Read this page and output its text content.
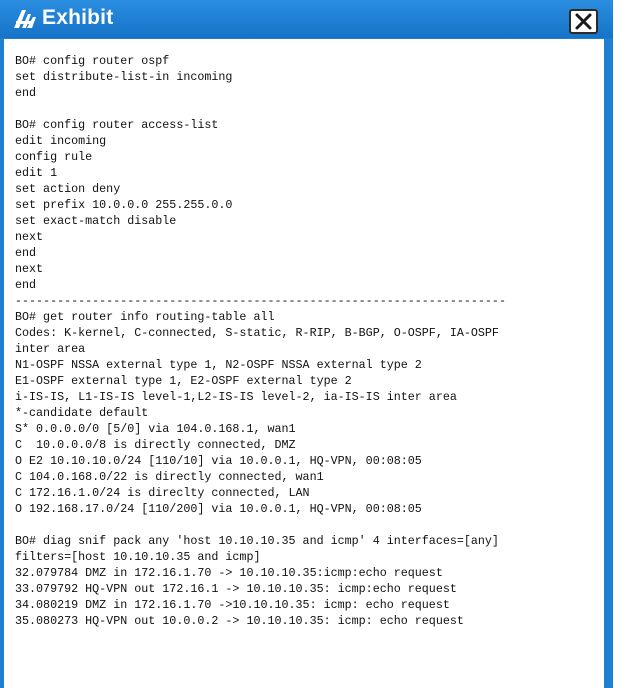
Exhibit
BO# config router ospf
set distribute-list-in incoming
end
BO# config router access-list
edit incoming
config rule
edit 1
set action deny
set prefix 10.0.0.0 255.255.0.0
set exact-match disable
next
end
next
end
----------------------------------------------------------------------
BO# get router info routing-table all
Codes: K-kernel, C-connected, S-static, R-RIP, B-BGP, O-OSPF, IA-OSPF
inter area
N1-OSPF NSSA external type 1, N2-OSPF NSSA external type 2
E1-OSPF external type 1, E2-OSPF external type 2
i-IS-IS, L1-IS-IS level-1,L2-IS-IS level-2, ia-IS-IS inter area
*-candidate default
S* 0.0.0.0/0 [5/0] via 104.0.168.1, wan1
C  10.0.0.0/8 is directly connected, DMZ
O E2 10.10.10.0/24 [110/10] via 10.0.0.1, HQ-VPN, 00:08:05
C 104.0.168.0/22 is directly connected, wan1
C 172.16.1.0/24 is direclty connected, LAN
O 192.168.17.0/24 [110/200] via 10.0.0.1, HQ-VPN, 00:08:05
BO# diag snif pack any 'host 10.10.10.35 and icmp' 4 interfaces=[any]
filters=[host 10.10.10.35 and icmp]
32.079784 DMZ in 172.16.1.70 -> 10.10.10.35:icmp:echo request
33.079792 HQ-VPN out 172.16.1 -> 10.10.10.35: icmp:echo request
34.080219 DMZ in 172.16.1.70 ->10.10.10.35: icmp: echo request
35.080273 HQ-VPN out 10.0.0.2 -> 10.10.10.35: icmp: echo request
